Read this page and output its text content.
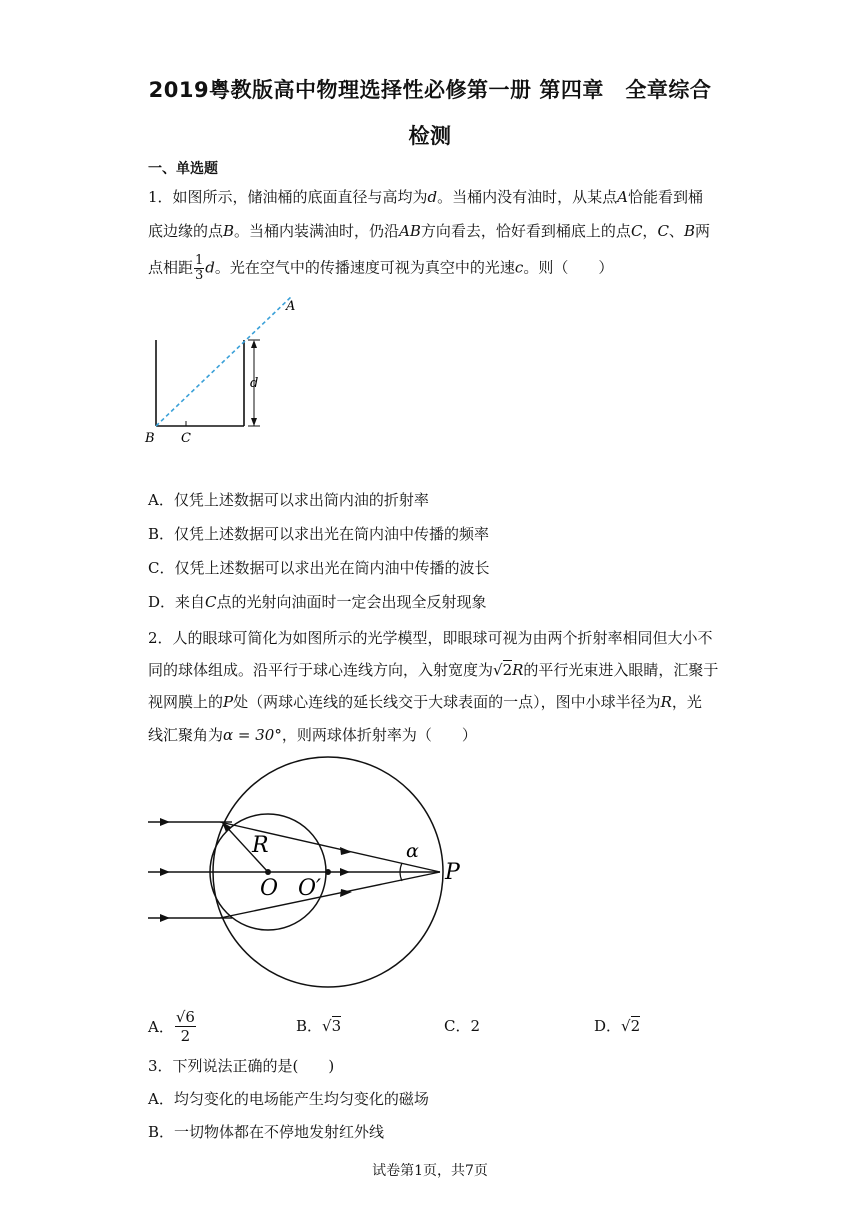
2019粤教版高中物理选择性必修第一册 第四章　全章综合
检测
一、单选题
1．如图所示，储油桶的底面直径与高均为d。当桶内没有油时，从某点A恰能看到桶
底边缘的点B。当桶内装满油时，仍沿AB方向看去，恰好看到桶底上的点C，C、B两
点相距 $\frac{1}{3}$ d。光在空气中的传播速度可视为真空中的光速c。则（　　）
A
B C
d
A．仅凭上述数据可以求出筒内油的折射率
B．仅凭上述数据可以求出光在筒内油中传播的频率
C．仅凭上述数据可以求出光在筒内油中传播的波长
D．来自C点的光射向油面时一定会出现全反射现象
2．人的眼球可简化为如图所示的光学模型，即眼球可视为由两个折射率相同但大小不
同的球体组成。沿平行于球心连线方向，入射宽度为√2R的平行光束进入眼睛，汇聚于
视网膜上的P处（两球心连线的延长线交于大球表面的一点），图中小球半径为R，光
线汇聚角为α = 30°，则两球体折射率为（　　）
R
O O′
P
α
A． $\frac{√6}{2}$	B．√3	C．2	D．√2
3．下列说法正确的是(　　)
A．均匀变化的电场能产生均匀变化的磁场
B．一切物体都在不停地发射红外线
试卷第1页，共7页
